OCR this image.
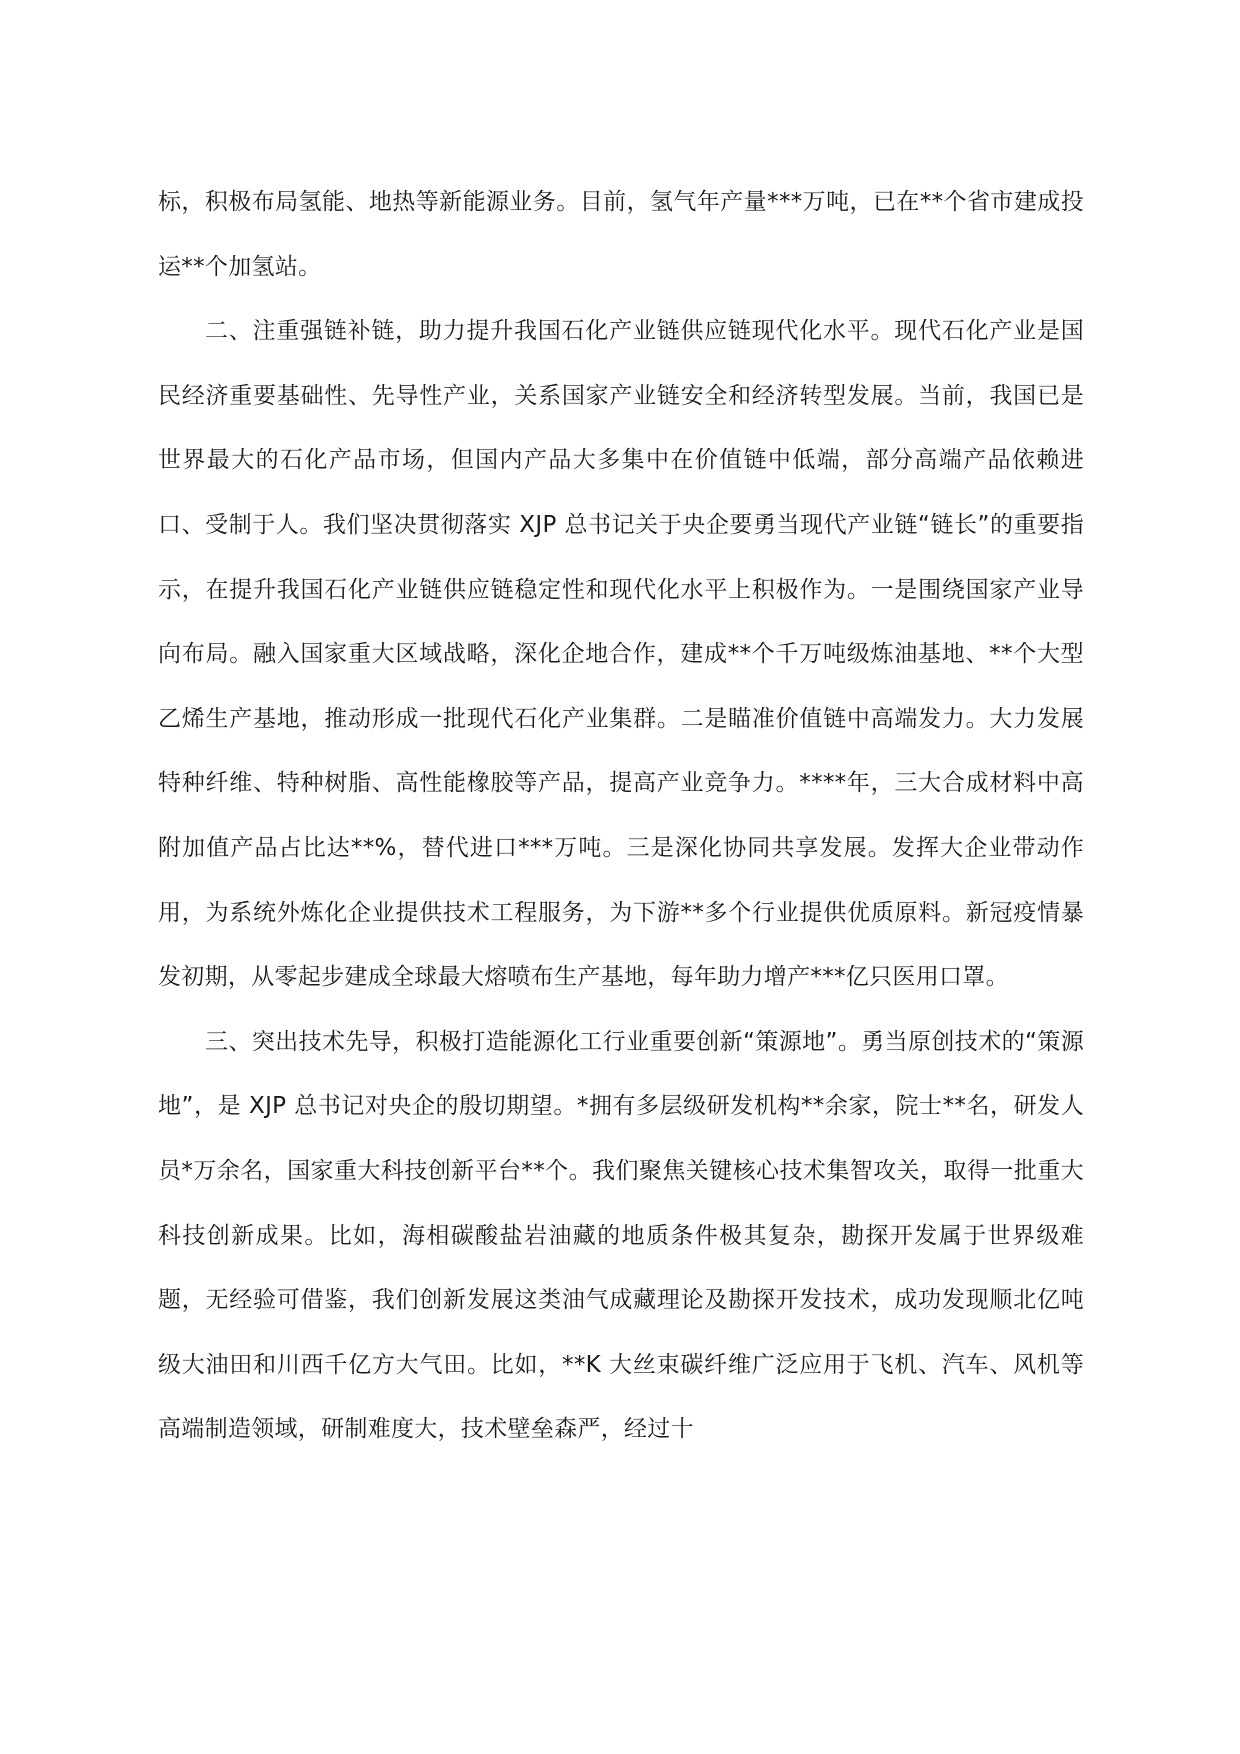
标，积极布局氢能、地热等新能源业务。目前，氢气年产量***万吨，已在**个省市建成投运**个加氢站。

二、注重强链补链，助力提升我国石化产业链供应链现代化水平。现代石化产业是国民经济重要基础性、先导性产业，关系国家产业链安全和经济转型发展。当前，我国已是世界最大的石化产品市场，但国内产品大多集中在价值链中低端，部分高端产品依赖进口、受制于人。我们坚决贯彻落实 XJP 总书记关于央企要勇当现代产业链“链长”的重要指示，在提升我国石化产业链供应链稳定性和现代化水平上积极作为。一是围绕国家产业导向布局。融入国家重大区域战略，深化企地合作，建成**个千万吨级炼油基地、**个大型乙烯生产基地，推动形成一批现代石化产业集群。二是瞄准价值链中高端发力。大力发展特种纤维、特种树脂、高性能橡胶等产品，提高产业竞争力。****年，三大合成材料中高附加值产品占比达**%，替代进口***万吨。三是深化协同共享发展。发挥大企业带动作用，为系统外炼化企业提供技术工程服务，为下游**多个行业提供优质原料。新冠疫情暴发初期，从零起步建成全球最大熔喷布生产基地，每年助力增产***亿只医用口罩。

三、突出技术先导，积极打造能源化工行业重要创新“策源地”。勇当原创技术的“策源地”，是 XJP 总书记对央企的殷切期望。*拥有多层级研发机构**余家，院士**名，研发人员*万余名，国家重大科技创新平台**个。我们聚焦关键核心技术集智攻关，取得一批重大科技创新成果。比如，海相碳酸盐岩油藏的地质条件极其复杂，勘探开发属于世界级难题，无经验可借鉴，我们创新发展这类油气成藏理论及勘探开发技术，成功发现顺北亿吨级大油田和川西千亿方大气田。比如，**K 大丝束碳纤维广泛应用于飞机、汽车、风机等高端制造领域，研制难度大，技术壁垒森严，经过十
